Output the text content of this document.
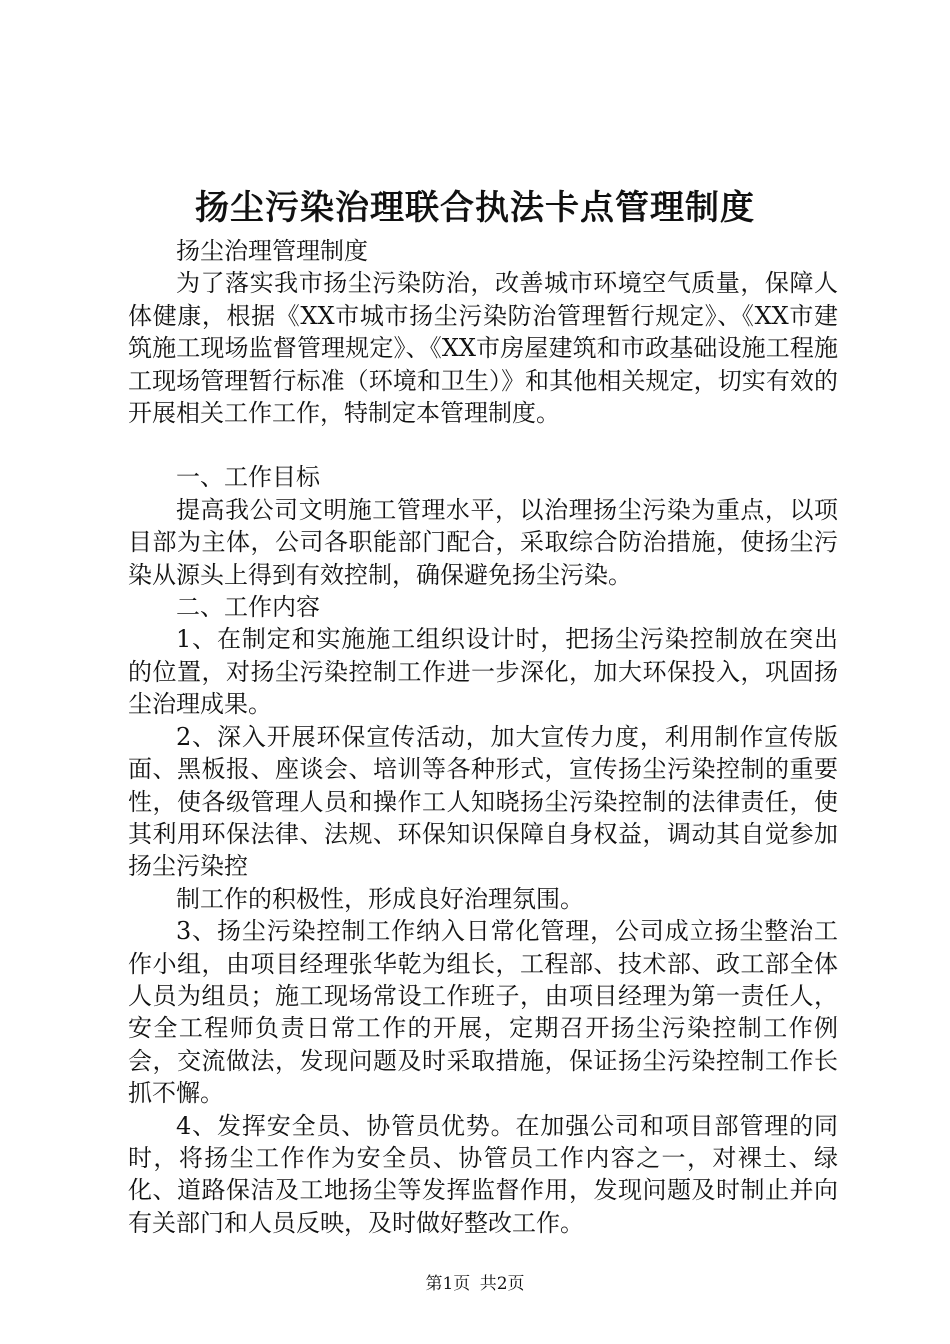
扬尘污染治理联合执法卡点管理制度

扬尘治理管理制度

为了落实我市扬尘污染防治，改善城市环境空气质量，保障人体健康，根据《XX市城市扬尘污染防治管理暂行规定》、《XX市建筑施工现场监督管理规定》、《XX市房屋建筑和市政基础设施工程施工现场管理暂行标准（环境和卫生）》和其他相关规定，切实有效的开展相关工作工作，特制定本管理制度。

一、工作目标

提高我公司文明施工管理水平，以治理扬尘污染为重点，以项目部为主体，公司各职能部门配合，采取综合防治措施，使扬尘污染从源头上得到有效控制，确保避免扬尘污染。

二、工作内容

1、在制定和实施施工组织设计时，把扬尘污染控制放在突出的位置，对扬尘污染控制工作进一步深化，加大环保投入，巩固扬尘治理成果。

2、深入开展环保宣传活动，加大宣传力度，利用制作宣传版面、黑板报、座谈会、培训等各种形式，宣传扬尘污染控制的重要性，使各级管理人员和操作工人知晓扬尘污染控制的法律责任，使其利用环保法律、法规、环保知识保障自身权益，调动其自觉参加扬尘污染控

制工作的积极性，形成良好治理氛围。

3、扬尘污染控制工作纳入日常化管理，公司成立扬尘整治工作小组，由项目经理张华乾为组长，工程部、技术部、政工部全体人员为组员；施工现场常设工作班子，由项目经理为第一责任人，安全工程师负责日常工作的开展，定期召开扬尘污染控制工作例会，交流做法，发现问题及时采取措施，保证扬尘污染控制工作长抓不懈。

4、发挥安全员、协管员优势。在加强公司和项目部管理的同时，将扬尘工作作为安全员、协管员工作内容之一，对裸土、绿化、道路保洁及工地扬尘等发挥监督作用，发现问题及时制止并向有关部门和人员反映，及时做好整改工作。

第1页 共2页
